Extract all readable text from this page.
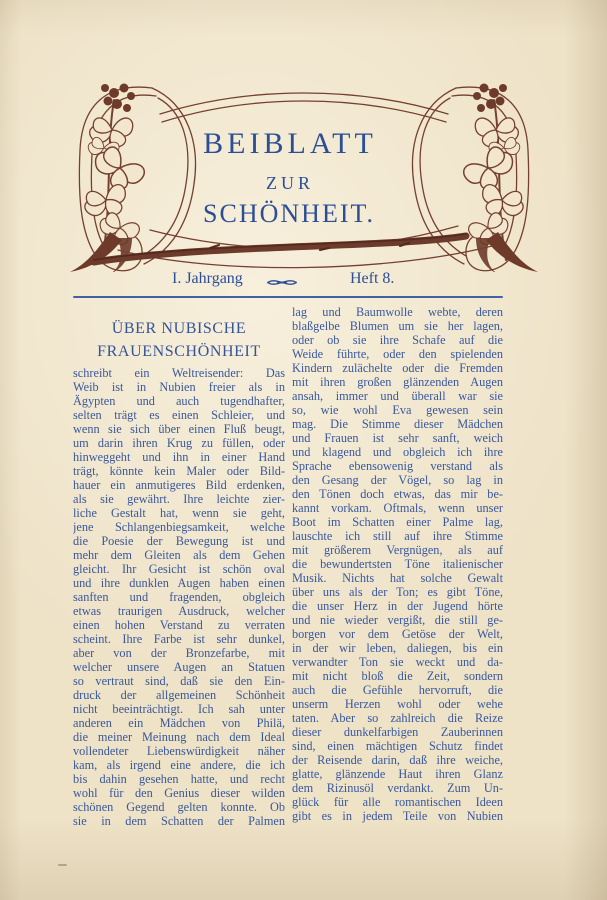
BEIBLATT
ZUR
SCHÖNHEIT.
I. Jahrgang	Heft 8.
ÜBER NUBISCHE
FRAUENSCHÖNHEIT
schreibt ein Weltreisender: Das
Weib ist in Nubien freier als in
Ägypten und auch tugendhafter,
selten trägt es einen Schleier, und
wenn sie sich über einen Fluß beugt,
um darin ihren Krug zu füllen, oder
hinweggeht und ihn in einer Hand
trägt, könnte kein Maler oder Bild-
hauer ein anmutigeres Bild erdenken,
als sie gewährt. Ihre leichte zier-
liche Gestalt hat, wenn sie geht,
jene Schlangenbiegsamkeit, welche
die Poesie der Bewegung ist und
mehr dem Gleiten als dem Gehen
gleicht. Ihr Gesicht ist schön oval
und ihre dunklen Augen haben einen
sanften und fragenden, obgleich
etwas traurigen Ausdruck, welcher
einen hohen Verstand zu verraten
scheint. Ihre Farbe ist sehr dunkel,
aber von der Bronzefarbe, mit
welcher unsere Augen an Statuen
so vertraut sind, daß sie den Ein-
druck der allgemeinen Schönheit
nicht beeinträchtigt. Ich sah unter
anderen ein Mädchen von Philä,
die meiner Meinung nach dem Ideal
vollendeter Liebenswürdigkeit näher
kam, als irgend eine andere, die ich
bis dahin gesehen hatte, und recht
wohl für den Genius dieser wilden
schönen Gegend gelten konnte. Ob
sie in dem Schatten der Palmen
lag und Baumwolle webte, deren
blaßgelbe Blumen um sie her lagen,
oder ob sie ihre Schafe auf die
Weide führte, oder den spielenden
Kindern zulächelte oder die Fremden
mit ihren großen glänzenden Augen
ansah, immer und überall war sie
so, wie wohl Eva gewesen sein
mag. Die Stimme dieser Mädchen
und Frauen ist sehr sanft, weich
und klagend und obgleich ich ihre
Sprache ebensowenig verstand als
den Gesang der Vögel, so lag in
den Tönen doch etwas, das mir be-
kannt vorkam. Oftmals, wenn unser
Boot im Schatten einer Palme lag,
lauschte ich still auf ihre Stimme
mit größerem Vergnügen, als auf
die bewundertsten Töne italienischer
Musik. Nichts hat solche Gewalt
über uns als der Ton; es gibt Töne,
die unser Herz in der Jugend hörte
und nie wieder vergißt, die still ge-
borgen vor dem Getöse der Welt,
in der wir leben, daliegen, bis ein
verwandter Ton sie weckt und da-
mit nicht bloß die Zeit, sondern
auch die Gefühle hervorruft, die
unserm Herzen wohl oder wehe
taten. Aber so zahlreich die Reize
dieser dunkelfarbigen Zauberinnen
sind, einen mächtigen Schutz findet
der Reisende darin, daß ihre weiche,
glatte, glänzende Haut ihren Glanz
dem Rizinusöl verdankt. Zum Un-
glück für alle romantischen Ideen
gibt es in jedem Teile von Nubien
